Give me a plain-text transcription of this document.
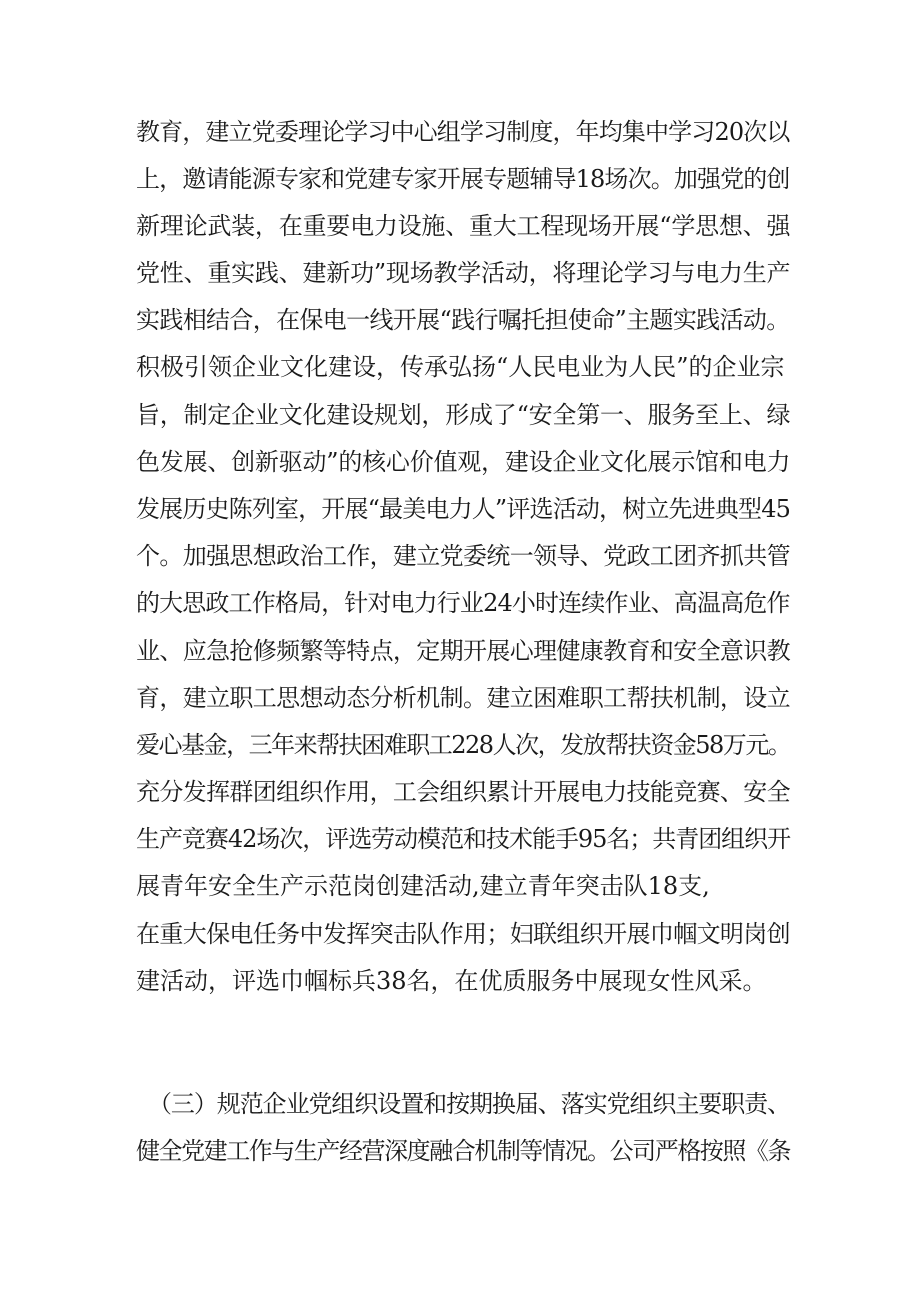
教育，建立党委理论学习中心组学习制度，年均集中学习20次以
上，邀请能源专家和党建专家开展专题辅导18场次。加强党的创
新理论武装，在重要电力设施、重大工程现场开展“学思想、强
党性、重实践、建新功”现场教学活动，将理论学习与电力生产
实践相结合，在保电一线开展“践行嘱托担使命”主题实践活动。
积极引领企业文化建设，传承弘扬“人民电业为人民”的企业宗
旨，制定企业文化建设规划，形成了“安全第一、服务至上、绿
色发展、创新驱动”的核心价值观，建设企业文化展示馆和电力
发展历史陈列室，开展“最美电力人”评选活动，树立先进典型45
个。加强思想政治工作，建立党委统一领导、党政工团齐抓共管
的大思政工作格局，针对电力行业24小时连续作业、高温高危作
业、应急抢修频繁等特点，定期开展心理健康教育和安全意识教
育，建立职工思想动态分析机制。建立困难职工帮扶机制，设立
爱心基金，三年来帮扶困难职工228人次，发放帮扶资金58万元。
充分发挥群团组织作用，工会组织累计开展电力技能竞赛、安全
生产竞赛42场次，评选劳动模范和技术能手95名；共青团组织开
展青年安全生产示范岗创建活动,建立青年突击队18支,
在重大保电任务中发挥突击队作用；妇联组织开展巾帼文明岗创
建活动，评选巾帼标兵38名，在优质服务中展现女性风采。
（三）规范企业党组织设置和按期换届、落实党组织主要职责、
健全党建工作与生产经营深度融合机制等情况。公司严格按照《条
